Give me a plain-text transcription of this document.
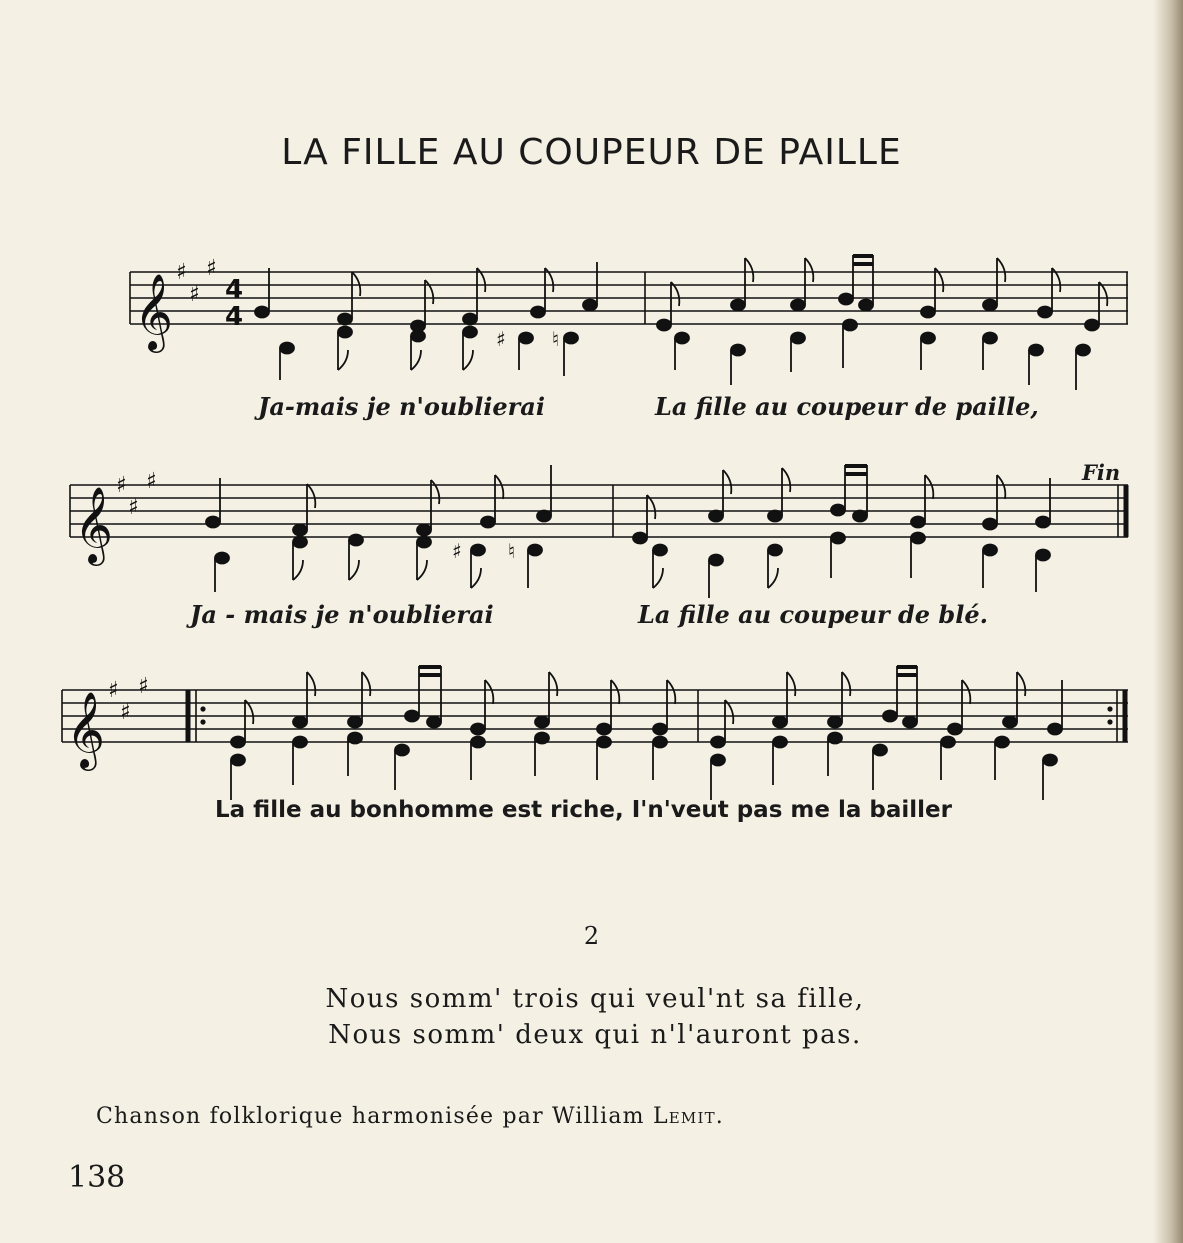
LA FILLE AU COUPEUR DE PAILLE
𝄞
𝄞
𝄞
♯
♯
♯
♯
♯
♯
♯
♯
♯
4
4
♯ ♮
♯ ♮
Fin
Ja-mais je n'oublierai	La fille au coupeur de paille,
Ja - mais je n'oublierai	La fille au coupeur de blé.
La fille au bonhomme est riche, I'n'veut pas me la bailler
2
Nous somm' trois qui veul'nt sa fille,
Nous somm' deux qui n'l'auront pas.
Chanson folklorique harmonisée par William Lemit.
138
